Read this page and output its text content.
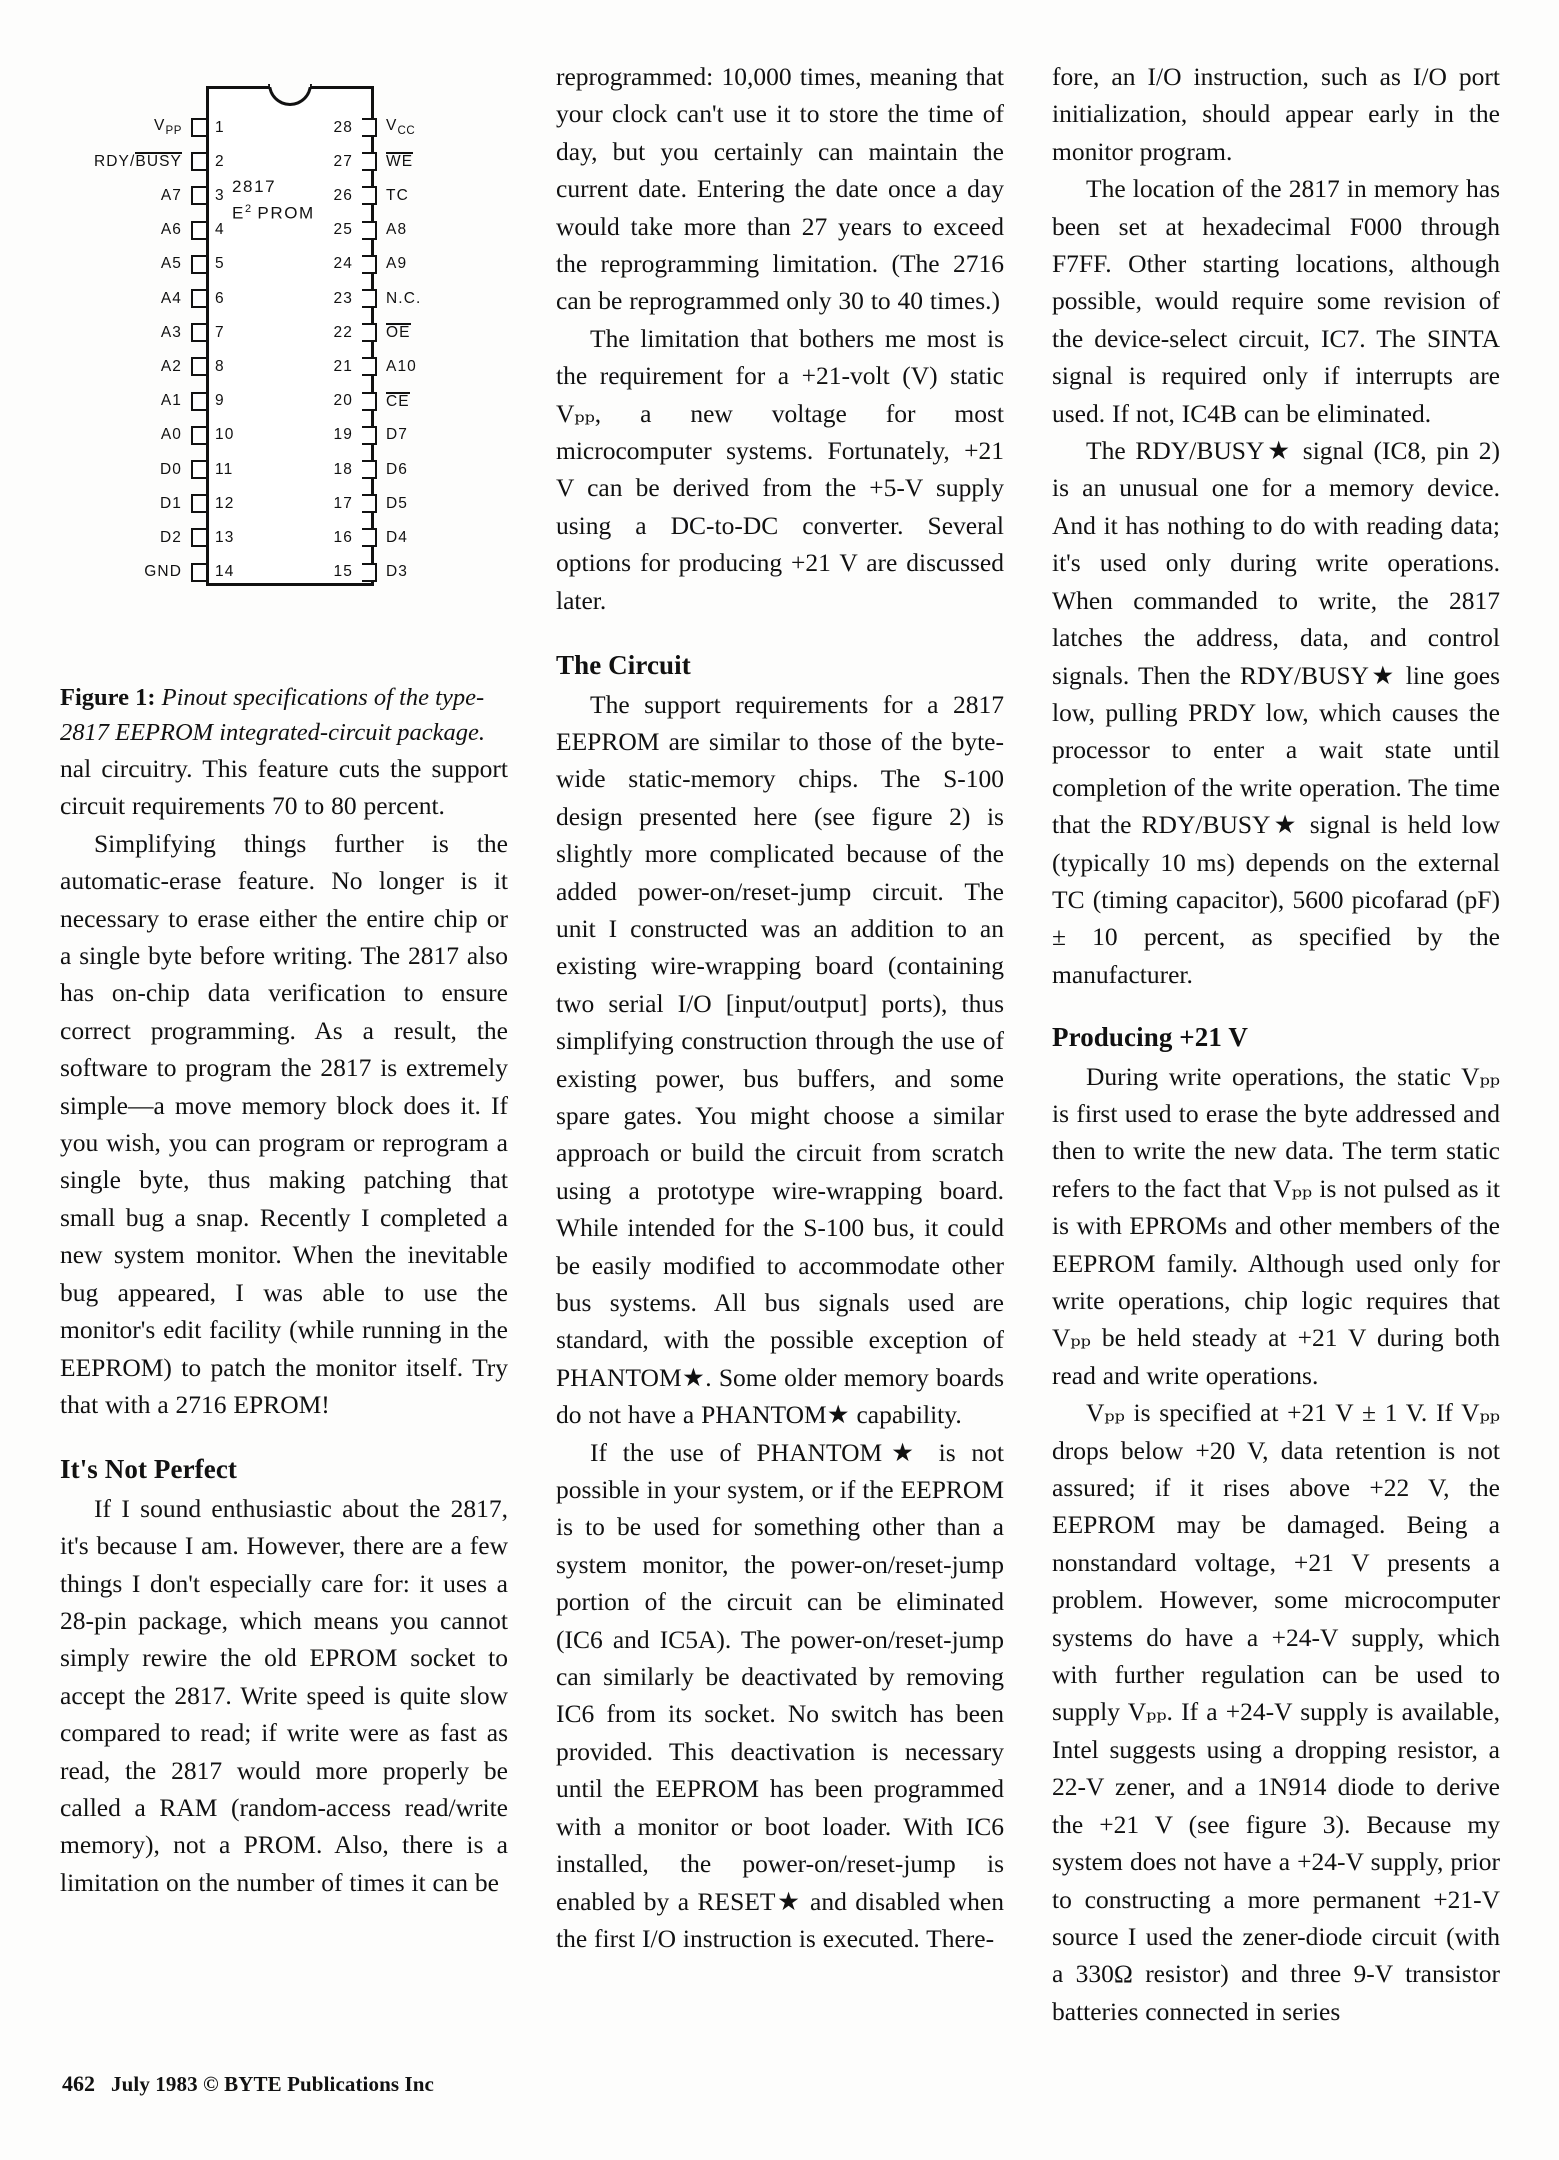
2817
$E^2$ PROM
$V_{PP}$ 1
RDY/BUSY 2
A7 3
A6 4
A5 5
A4 6
A3 7
A2 8
A1 9
A0 10
D0 11
D1 12
D2 13
GND 14
$V_{CC}$
28
WE
27
TC
26
A8
25
A9
24
N.C.
23
OE
22
A10
21
CE
20
D7
19
D6
18
D5
17
D4
16
D3
15

Figure 1: Pinout specifications of the type-2817 EEPROM integrated-circuit package.

nal circuitry. This feature cuts the support circuit requirements 70 to 80 percent.

Simplifying things further is the automatic-erase feature. No longer is it necessary to erase either the entire chip or a single byte before writing. The 2817 also has on-chip data verification to ensure correct programming. As a result, the software to program the 2817 is extremely simple—a move memory block does it. If you wish, you can program or reprogram a single byte, thus making patching that small bug a snap. Recently I completed a new system monitor. When the inevitable bug appeared, I was able to use the monitor's edit facility (while running in the EEPROM) to patch the monitor itself. Try that with a 2716 EPROM!

It's Not Perfect

If I sound enthusiastic about the 2817, it's because I am. However, there are a few things I don't especially care for: it uses a 28-pin package, which means you cannot simply rewire the old EPROM socket to accept the 2817. Write speed is quite slow compared to read; if write were as fast as read, the 2817 would more properly be called a RAM (random-access read/write memory), not a PROM. Also, there is a limitation on the number of times it can be

reprogrammed: 10,000 times, meaning that your clock can't use it to store the time of day, but you certainly can maintain the current date. Entering the date once a day would take more than 27 years to exceed the reprogramming limitation. (The 2716 can be reprogrammed only 30 to 40 times.)

The limitation that bothers me most is the requirement for a +21-volt (V) static Vₚₚ, a new voltage for most microcomputer systems. Fortunately, +21 V can be derived from the +5-V supply using a DC-to-DC converter. Several options for producing +21 V are discussed later.

The Circuit

The support requirements for a 2817 EEPROM are similar to those of the byte-wide static-memory chips. The S-100 design presented here (see figure 2) is slightly more complicated because of the added power-on/reset-jump circuit. The unit I constructed was an addition to an existing wire-wrapping board (containing two serial I/O [input/output] ports), thus simplifying construction through the use of existing power, bus buffers, and some spare gates. You might choose a similar approach or build the circuit from scratch using a prototype wire-wrapping board. While intended for the S-100 bus, it could be easily modified to accommodate other bus systems. All bus signals used are standard, with the possible exception of PHANTOM★. Some older memory boards do not have a PHANTOM★ capability.

If the use of PHANTOM★ is not possible in your system, or if the EEPROM is to be used for something other than a system monitor, the power-on/reset-jump portion of the circuit can be eliminated (IC6 and IC5A). The power-on/reset-jump can similarly be deactivated by removing IC6 from its socket. No switch has been provided. This deactivation is necessary until the EEPROM has been programmed with a monitor or boot loader. With IC6 installed, the power-on/reset-jump is enabled by a RESET★ and disabled when the first I/O instruction is executed. There-

fore, an I/O instruction, such as I/O port initialization, should appear early in the monitor program.

The location of the 2817 in memory has been set at hexadecimal F000 through F7FF. Other starting locations, although possible, would require some revision of the device-select circuit, IC7. The SINTA signal is required only if interrupts are used. If not, IC4B can be eliminated.

The RDY/BUSY★ signal (IC8, pin 2) is an unusual one for a memory device. And it has nothing to do with reading data; it's used only during write operations. When commanded to write, the 2817 latches the address, data, and control signals. Then the RDY/BUSY★ line goes low, pulling PRDY low, which causes the processor to enter a wait state until completion of the write operation. The time that the RDY/BUSY★ signal is held low (typically 10 ms) depends on the external TC (timing capacitor), 5600 picofarad (pF) ± 10 percent, as specified by the manufacturer.

Producing +21 V

During write operations, the static Vₚₚ is first used to erase the byte addressed and then to write the new data. The term static refers to the fact that Vₚₚ is not pulsed as it is with EPROMs and other members of the EEPROM family. Although used only for write operations, chip logic requires that Vₚₚ be held steady at +21 V during both read and write operations.

Vₚₚ is specified at +21 V ± 1 V. If Vₚₚ drops below +20 V, data retention is not assured; if it rises above +22 V, the EEPROM may be damaged. Being a nonstandard voltage, +21 V presents a problem. However, some microcomputer systems do have a +24-V supply, which with further regulation can be used to supply Vₚₚ. If a +24-V supply is available, Intel suggests using a dropping resistor, a 22-V zener, and a 1N914 diode to derive the +21 V (see figure 3). Because my system does not have a +24-V supply, prior to constructing a more permanent +21-V source I used the zener-diode circuit (with a 330Ω resistor) and three 9-V transistor batteries connected in series

462 July 1983 © BYTE Publications Inc
